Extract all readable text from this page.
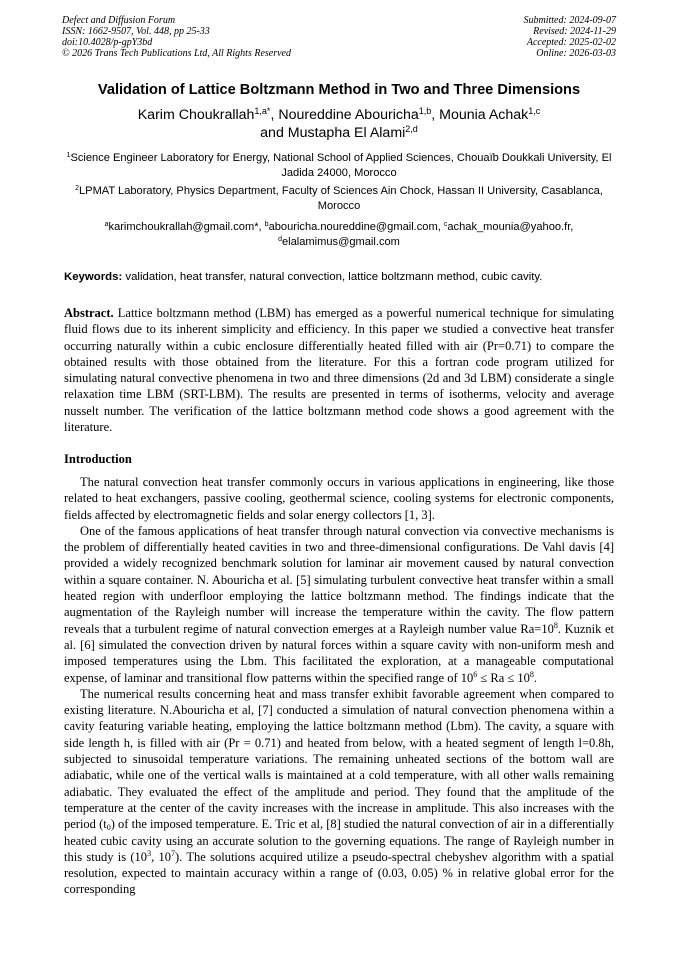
Defect and Diffusion Forum
ISSN: 1662-9507, Vol. 448, pp 25-33
doi:10.4028/p-gpY3bd
© 2026 Trans Tech Publications Ltd, All Rights Reserved
Submitted: 2024-09-07
Revised: 2024-11-29
Accepted: 2025-02-02
Online: 2026-03-03
Validation of Lattice Boltzmann Method in Two and Three Dimensions
Karim Choukrallah$^{1,a*}$, Noureddine Abouricha$^{1,b}$, Mounia Achak$^{1,c}$
and Mustapha El Alami$^{2,d}$
$^1$Science Engineer Laboratory for Energy, National School of Applied Sciences, Chouaïb Doukkali University, El Jadida 24000, Morocco
$^2$LPMAT Laboratory, Physics Department, Faculty of Sciences Ain Chock, Hassan II University, Casablanca, Morocco
$^a$karimchoukrallah@gmail.com*, $^b$abouricha.noureddine@gmail.com, $^c$achak_mounia@yahoo.fr,
$^d$elalamimus@gmail.com
Keywords: validation, heat transfer, natural convection, lattice boltzmann method, cubic cavity.
Abstract. Lattice boltzmann method (LBM) has emerged as a powerful numerical technique for simulating fluid flows due to its inherent simplicity and efficiency. In this paper we studied a convective heat transfer occurring naturally within a cubic enclosure differentially heated filled with air (Pr=0.71) to compare the obtained results with those obtained from the literature. For this a fortran code program utilized for simulating natural convective phenomena in two and three dimensions (2d and 3d LBM) considerate a single relaxation time LBM (SRT-LBM). The results are presented in terms of isotherms, velocity and average nusselt number. The verification of the lattice boltzmann method code shows a good agreement with the literature.
Introduction

The natural convection heat transfer commonly occurs in various applications in engineering, like those related to heat exchangers, passive cooling, geothermal science, cooling systems for electronic components, fields affected by electromagnetic fields and solar energy collectors [1, 3].

One of the famous applications of heat transfer through natural convection via convective mechanisms is the problem of differentially heated cavities in two and three-dimensional configurations. De Vahl davis [4] provided a widely recognized benchmark solution for laminar air movement caused by natural convection within a square container. N. Abouricha et al. [5] simulating turbulent convective heat transfer within a small heated region with underfloor employing the lattice boltzmann method. The findings indicate that the augmentation of the Rayleigh number will increase the temperature within the cavity. The flow pattern reveals that a turbulent regime of natural convection emerges at a Rayleigh number value $Ra=10^8$. Kuznik et al. [6] simulated the convection driven by natural forces within a square cavity with non-uniform mesh and imposed temperatures using the Lbm. This facilitated the exploration, at a manageable computational expense, of laminar and transitional flow patterns within the specified range of $10^6 \le Ra \le 10^8$.

The numerical results concerning heat and mass transfer exhibit favorable agreement when compared to existing literature. N.Abouricha et al, [7] conducted a simulation of natural convection phenomena within a cavity featuring variable heating, employing the lattice boltzmann method (Lbm). The cavity, a square with side length h, is filled with air (Pr = 0.71) and heated from below, with a heated segment of length l=0.8h, subjected to sinusoidal temperature variations. The remaining unheated sections of the bottom wall are adiabatic, while one of the vertical walls is maintained at a cold temperature, with all other walls remaining adiabatic. They evaluated the effect of the amplitude and period. They found that the amplitude of the temperature at the center of the cavity increases with the increase in amplitude. This also increases with the period $(t_0)$ of the imposed temperature. E. Tric et al, [8] studied the natural convection of air in a differentially heated cubic cavity using an accurate solution to the governing equations. The range of Rayleigh number in this study is ($10^3$, $10^7$). The solutions acquired utilize a pseudo-spectral chebyshev algorithm with a spatial resolution, expected to maintain accuracy within a range of (0.03, 0.05) % in relative global error for the corresponding
